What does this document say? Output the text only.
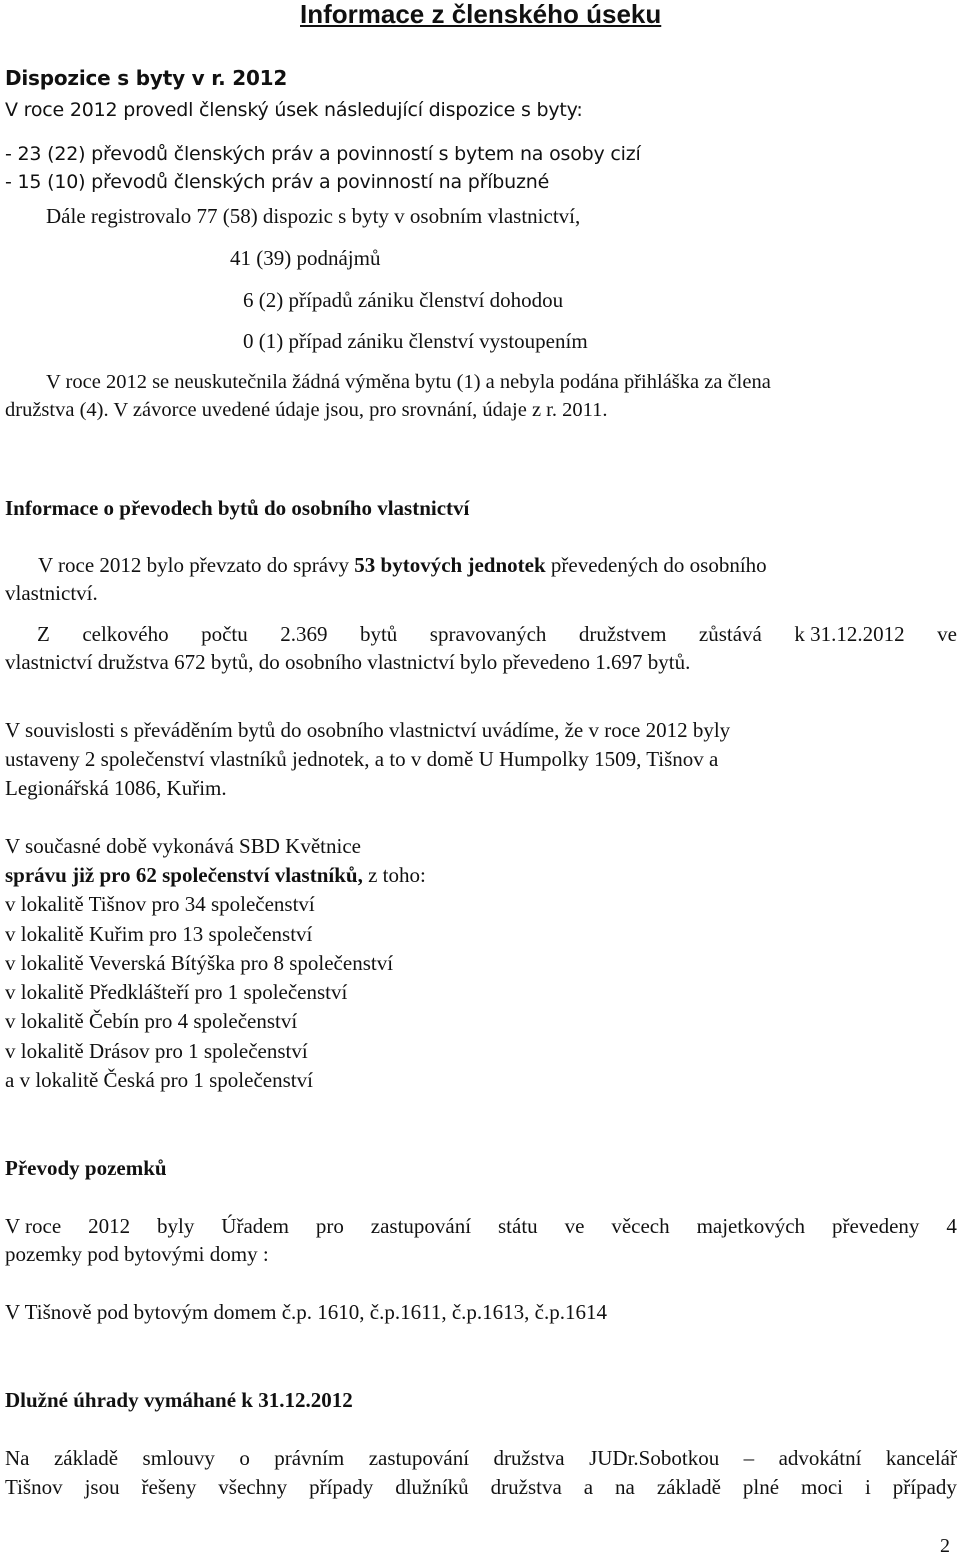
Informace z členského úseku
Dispozice s byty v r. 2012
V roce 2012 provedl členský úsek následující dispozice s byty:
- 23 (22) převodů členských práv a povinností s bytem na osoby cizí
- 15 (10) převodů členských práv a povinností na příbuzné
Dále registrovalo 77 (58) dispozic s byty v osobním vlastnictví,
41 (39) podnájmů
6 (2) případů zániku členství dohodou
0 (1) případ zániku členství vystoupením
V roce 2012 se neuskutečnila žádná výměna bytu (1) a nebyla podána přihláška za člena
družstva (4). V závorce uvedené údaje jsou, pro srovnání, údaje z r. 2011.
Informace o převodech bytů do osobního vlastnictví
V roce 2012 bylo převzato do správy 53 bytových jednotek převedených do osobního
vlastnictví.
Z celkového počtu 2.369 bytů spravovaných družstvem zůstává k 31.12.2012 ve
vlastnictví družstva 672 bytů, do osobního vlastnictví bylo převedeno 1.697 bytů.
V souvislosti s převáděním bytů do osobního vlastnictví uvádíme, že v roce 2012 byly
ustaveny 2 společenství vlastníků jednotek, a to v domě U Humpolky 1509, Tišnov a
Legionářská 1086, Kuřim.
V současné době vykonává SBD Květnice
správu již pro 62 společenství vlastníků, z toho:
v lokalitě Tišnov pro 34 společenství
v lokalitě Kuřim pro 13 společenství
v lokalitě Veverská Bítýška pro 8 společenství
v lokalitě Předklášteří pro 1 společenství
v lokalitě Čebín pro 4 společenství
v lokalitě Drásov pro 1 společenství
a v lokalitě Česká pro 1 společenství
Převody pozemků
V roce 2012 byly Úřadem pro zastupování státu ve věcech majetkových převedeny 4
pozemky pod bytovými domy :
V Tišnově pod bytovým domem č.p. 1610, č.p.1611, č.p.1613, č.p.1614
Dlužné úhrady vymáhané k 31.12.2012
Na základě smlouvy o právním zastupování družstva JUDr.Sobotkou – advokátní kancelář
Tišnov jsou řešeny všechny případy dlužníků družstva a na základě plné moci i případy
2
